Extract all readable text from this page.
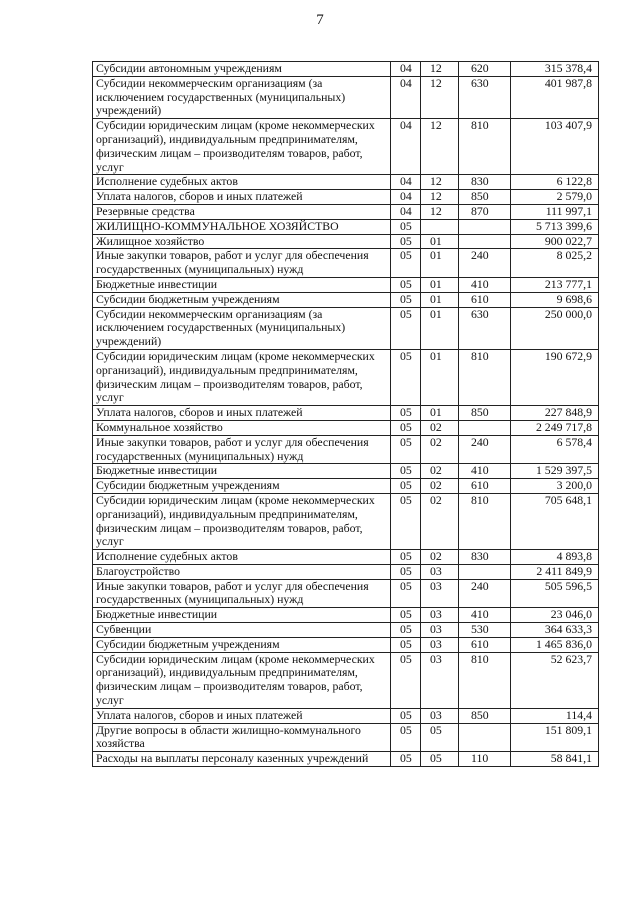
7
Субсидии автономным учреждениям	04	12	620	315 378,4
Субсидии некоммерческим организациям (за исключением государственных (муниципальных) учреждений)	04	12	630	401 987,8
Субсидии юридическим лицам (кроме некоммерческих организаций), индивидуальным предпринимателям, физическим лицам – производителям товаров, работ, услуг	04	12	810	103 407,9
Исполнение судебных актов	04	12	830	6 122,8
Уплата налогов, сборов и иных платежей	04	12	850	2 579,0
Резервные средства	04	12	870	111 997,1
ЖИЛИЩНО-КОММУНАЛЬНОЕ ХОЗЯЙСТВО	05			5 713 399,6
Жилищное хозяйство	05	01		900 022,7
Иные закупки товаров, работ и услуг для обеспечения государственных (муниципальных) нужд	05	01	240	8 025,2
Бюджетные инвестиции	05	01	410	213 777,1
Субсидии бюджетным учреждениям	05	01	610	9 698,6
Субсидии некоммерческим организациям (за исключением государственных (муниципальных) учреждений)	05	01	630	250 000,0
Субсидии юридическим лицам (кроме некоммерческих организаций), индивидуальным предпринимателям, физическим лицам – производителям товаров, работ, услуг	05	01	810	190 672,9
Уплата налогов, сборов и иных платежей	05	01	850	227 848,9
Коммунальное хозяйство	05	02		2 249 717,8
Иные закупки товаров, работ и услуг для обеспечения государственных (муниципальных) нужд	05	02	240	6 578,4
Бюджетные инвестиции	05	02	410	1 529 397,5
Субсидии бюджетным учреждениям	05	02	610	3 200,0
Субсидии юридическим лицам (кроме некоммерческих организаций), индивидуальным предпринимателям, физическим лицам – производителям товаров, работ, услуг	05	02	810	705 648,1
Исполнение судебных актов	05	02	830	4 893,8
Благоустройство	05	03		2 411 849,9
Иные закупки товаров, работ и услуг для обеспечения государственных (муниципальных) нужд	05	03	240	505 596,5
Бюджетные инвестиции	05	03	410	23 046,0
Субвенции	05	03	530	364 633,3
Субсидии бюджетным учреждениям	05	03	610	1 465 836,0
Субсидии юридическим лицам (кроме некоммерческих организаций), индивидуальным предпринимателям, физическим лицам – производителям товаров, работ, услуг	05	03	810	52 623,7
Уплата налогов, сборов и иных платежей	05	03	850	114,4
Другие вопросы в области жилищно-коммунального хозяйства	05	05		151 809,1
Расходы на выплаты персоналу казенных учреждений	05	05	110	58 841,1
